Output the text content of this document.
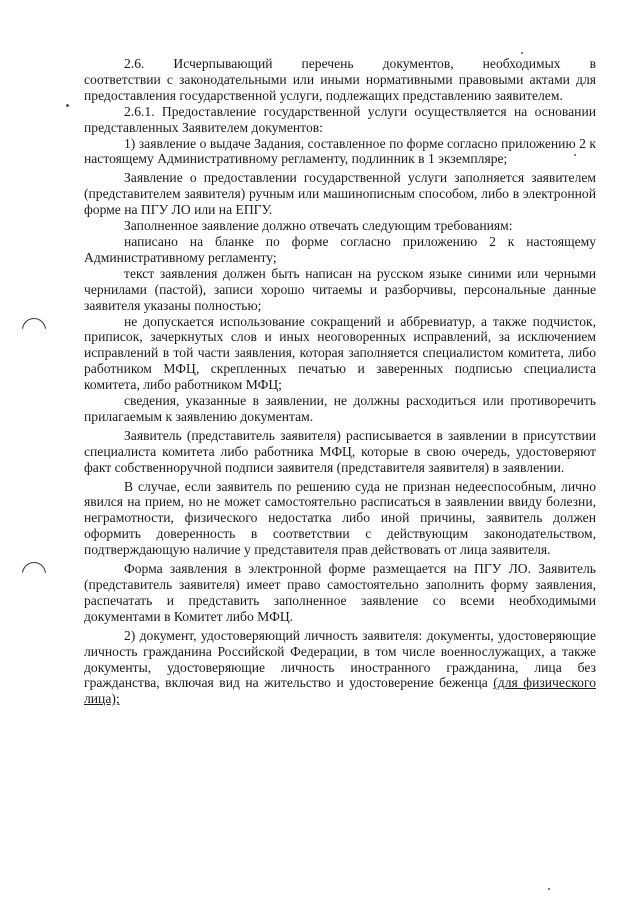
2.6.    Исчерпывающий    перечень    документов,    необходимых    в соответствии с законодательными или иными нормативными правовыми актами для предоставления государственной услуги, подлежащих представлению заявителем.

2.6.1. Предоставление государственной услуги осуществляется на основании представленных Заявителем документов:

1) заявление о выдаче Задания, составленное по форме согласно приложению 2 к настоящему Административному регламенту, подлинник в 1 экземпляре;

Заявление о предоставлении государственной услуги заполняется заявителем (представителем заявителя) ручным или машинописным способом, либо в электронной форме на ПГУ ЛО или на ЕПГУ.

Заполненное заявление должно отвечать следующим требованиям:

написано на бланке по форме согласно приложению 2 к настоящему Административному регламенту;

текст заявления должен быть написан на русском языке синими или черными чернилами (пастой), записи хорошо читаемы и разборчивы, персональные данные заявителя указаны полностью;

не допускается использование сокращений и аббревиатур, а также подчисток, приписок, зачеркнутых слов и иных неоговоренных исправлений, за исключением исправлений в той части заявления, которая заполняется специалистом комитета, либо работником МФЦ, скрепленных печатью и заверенных подписью специалиста комитета, либо работником МФЦ;

сведения, указанные в заявлении, не должны расходиться или противоречить прилагаемым к заявлению документам.

Заявитель (представитель заявителя) расписывается в заявлении в присутствии специалиста комитета либо работника МФЦ, которые в свою очередь, удостоверяют факт собственноручной подписи заявителя (представителя заявителя) в заявлении.

В случае, если заявитель по решению суда не признан недееспособным, лично явился на прием, но не может самостоятельно расписаться в заявлении ввиду болезни, неграмотности, физического недостатка либо иной причины, заявитель должен оформить доверенность в соответствии с действующим законодательством, подтверждающую наличие у представителя прав действовать от лица заявителя.

Форма заявления в электронной форме размещается на ПГУ ЛО. Заявитель (представитель заявителя) имеет право самостоятельно заполнить форму заявления, распечатать и представить заполненное заявление со всеми необходимыми документами в Комитет либо МФЦ.

2) документ, удостоверяющий личность заявителя: документы, удостоверяющие личность гражданина Российской Федерации, в том числе военнослужащих, а также документы, удостоверяющие личность иностранного гражданина, лица без гражданства, включая вид на жительство и удостоверение беженца (для физического лица);
